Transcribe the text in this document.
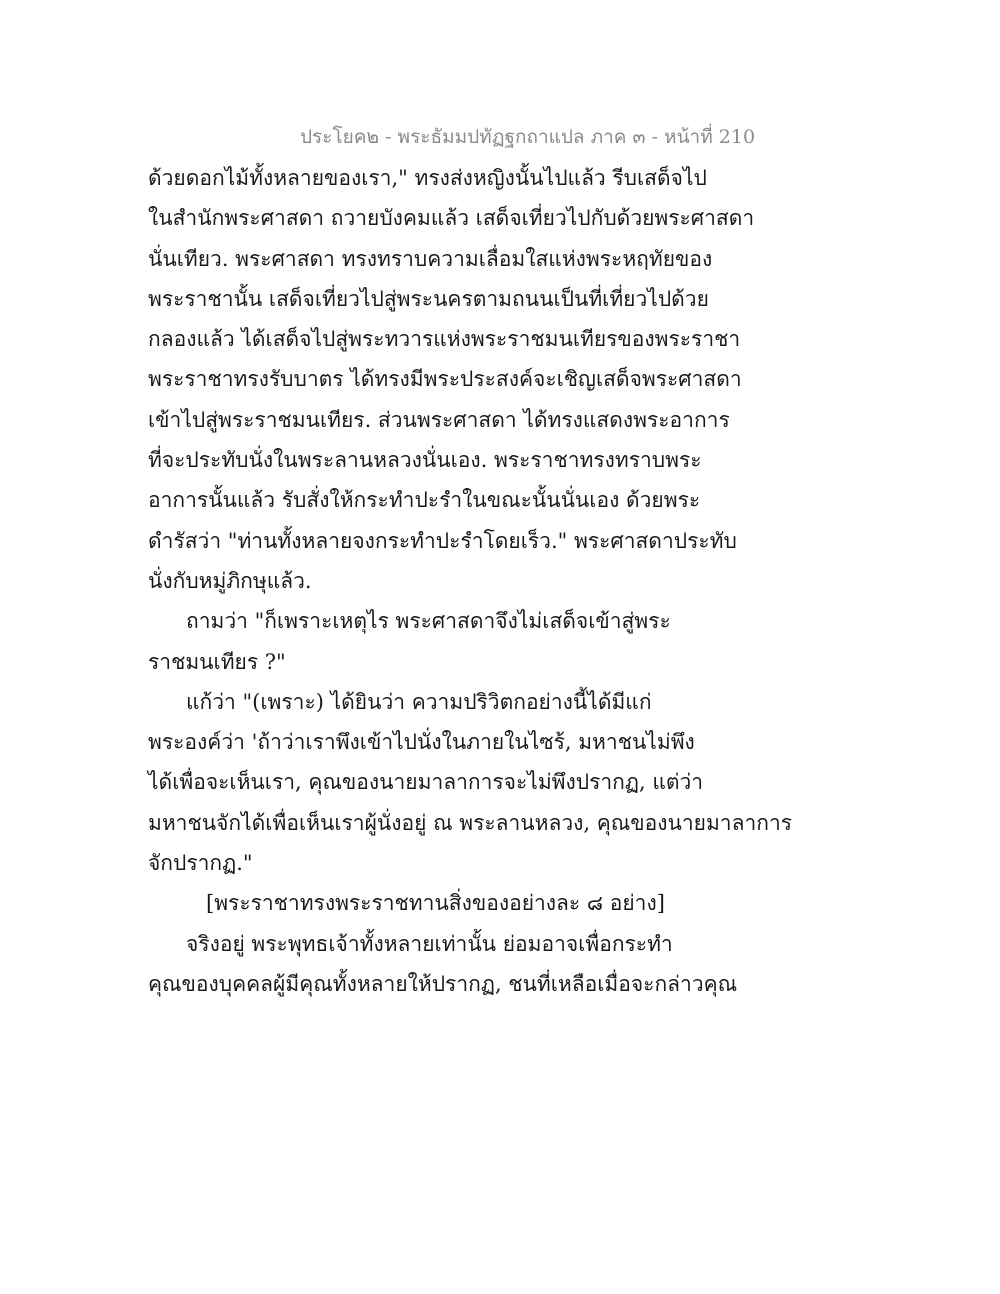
ประโยค๒ - พระธัมมปทัฏฐกถาแปล ภาค ๓ - หน้าที่ 210
ด้วยดอกไม้ทั้งหลายของเรา," ทรงส่งหญิงนั้นไปแล้ว รีบเสด็จไป
ในสำนักพระศาสดา ถวายบังคมแล้ว เสด็จเที่ยวไปกับด้วยพระศาสดา
นั่นเทียว. พระศาสดา ทรงทราบความเลื่อมใสแห่งพระหฤทัยของ
พระราชานั้น เสด็จเที่ยวไปสู่พระนครตามถนนเป็นที่เที่ยวไปด้วย
กลองแล้ว ได้เสด็จไปสู่พระทวารแห่งพระราชมนเทียรของพระราชา
พระราชาทรงรับบาตร ได้ทรงมีพระประสงค์จะเชิญเสด็จพระศาสดา
เข้าไปสู่พระราชมนเทียร. ส่วนพระศาสดา ได้ทรงแสดงพระอาการ
ที่จะประทับนั่งในพระลานหลวงนั่นเอง. พระราชาทรงทราบพระ
อาการนั้นแล้ว รับสั่งให้กระทำปะรำในขณะนั้นนั่นเอง ด้วยพระ
ดำรัสว่า "ท่านทั้งหลายจงกระทำปะรำโดยเร็ว." พระศาสดาประทับ
นั่งกับหมู่ภิกษุแล้ว.
ถามว่า "ก็เพราะเหตุไร พระศาสดาจึงไม่เสด็จเข้าสู่พระ
ราชมนเทียร ?"
แก้ว่า "(เพราะ) ได้ยินว่า ความปริวิตกอย่างนี้ได้มีแก่
พระองค์ว่า 'ถ้าว่าเราพึงเข้าไปนั่งในภายในไซร้, มหาชนไม่พึง
ได้เพื่อจะเห็นเรา, คุณของนายมาลาการจะไม่พึงปรากฏ, แต่ว่า
มหาชนจักได้เพื่อเห็นเราผู้นั่งอยู่ ณ พระลานหลวง, คุณของนายมาลาการ
จักปรากฏ."
[พระราชาทรงพระราชทานสิ่งของอย่างละ ๘ อย่าง]
จริงอยู่ พระพุทธเจ้าทั้งหลายเท่านั้น ย่อมอาจเพื่อกระทำ
คุณของบุคคลผู้มีคุณทั้งหลายให้ปรากฏ, ชนที่เหลือเมื่อจะกล่าวคุณ
